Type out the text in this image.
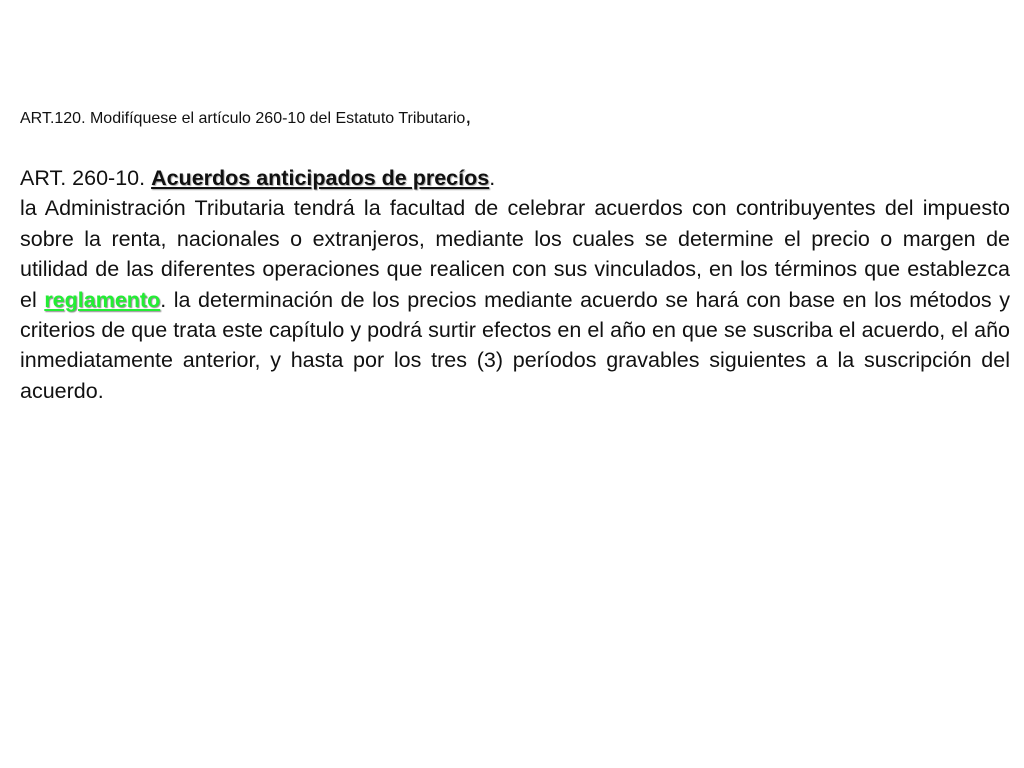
ART.120. Modifíquese el artículo 260-10 del Estatuto Tributario,
ART. 260-10. Acuerdos anticipados de precíos.

la Administración Tributaria tendrá la facultad de celebrar acuerdos con contribuyentes del impuesto sobre la renta, nacionales o extranjeros, mediante los cuales se determine el precio o margen de utilidad de las diferentes operaciones que realicen con sus vinculados, en los términos que establezca el reglamento. la determinación de los precios mediante acuerdo se hará con base en los métodos y criterios de que trata este capítulo y podrá surtir efectos en el año en que se suscriba el acuerdo, el año inmediatamente anterior, y hasta por los tres (3) períodos gravables siguientes a la suscripción del acuerdo.
